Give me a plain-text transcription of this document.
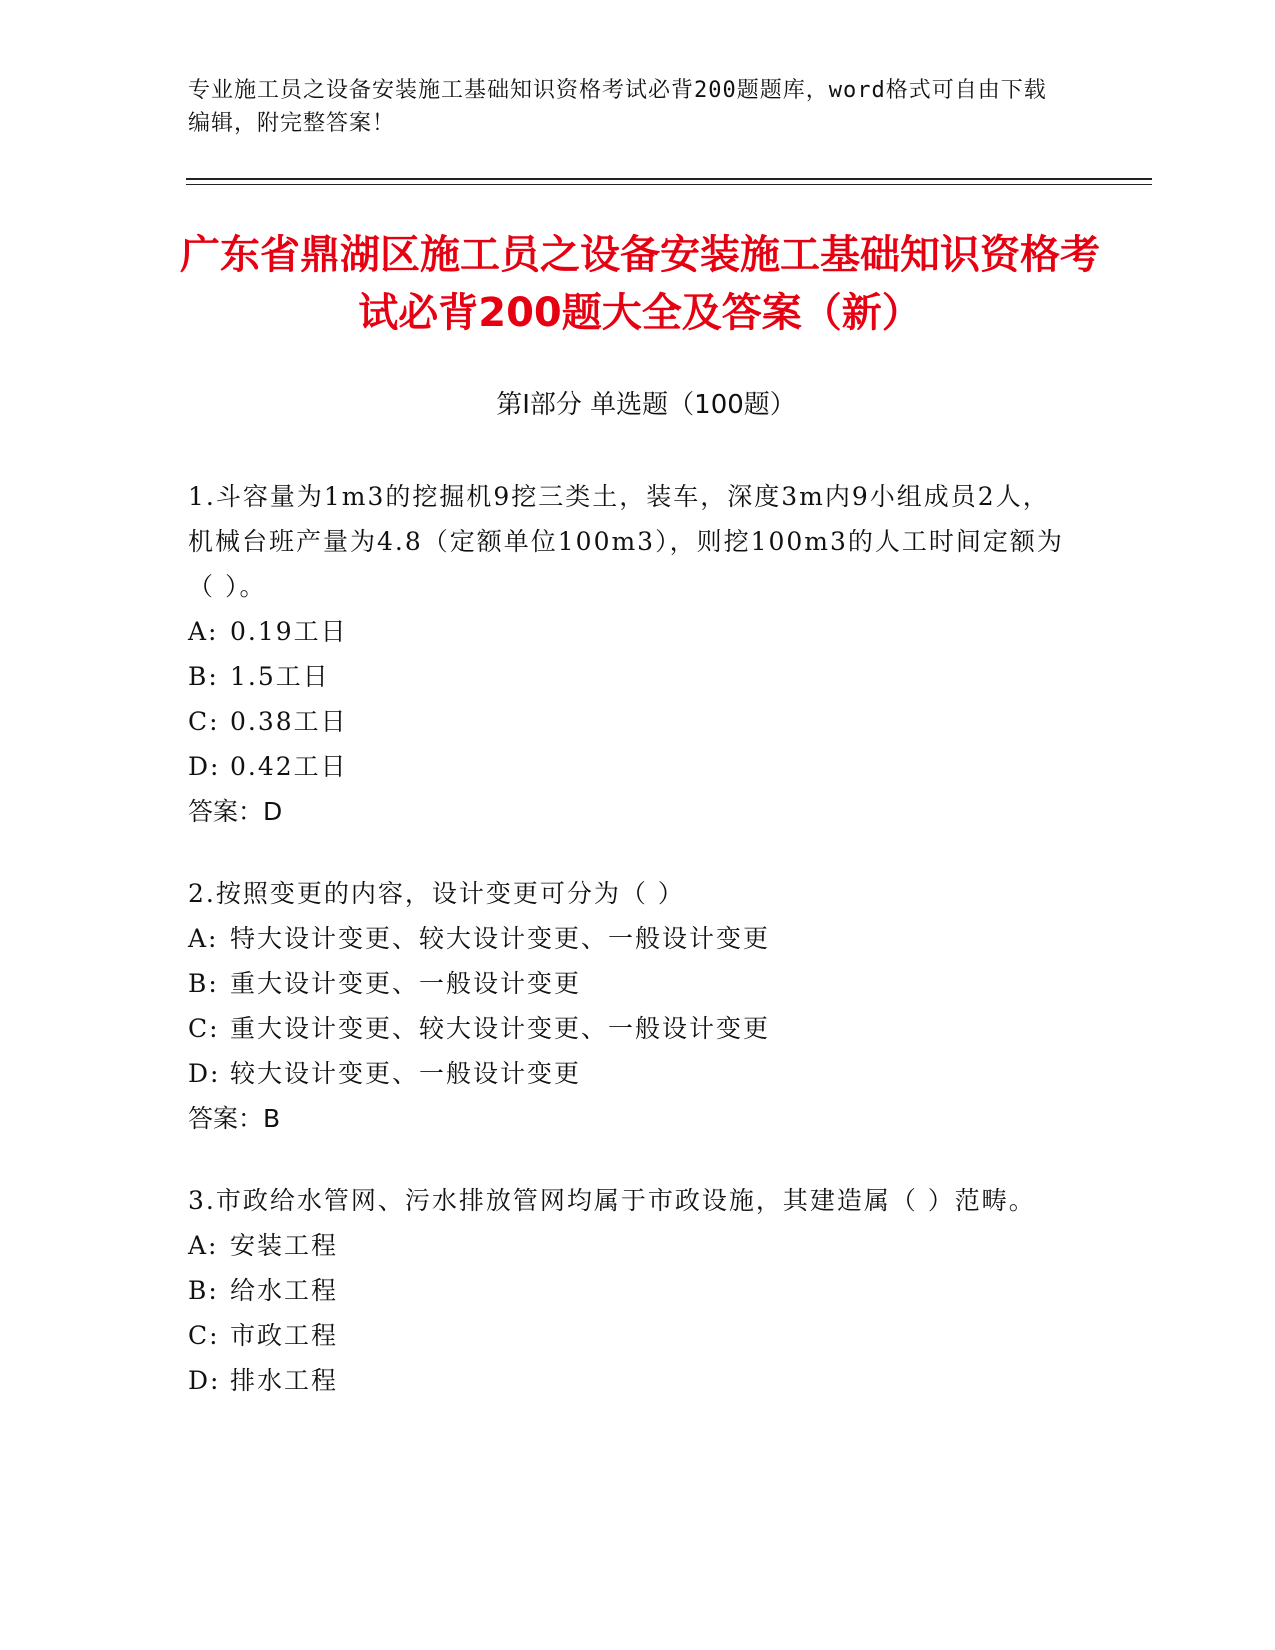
专业施工员之设备安装施工基础知识资格考试必背200题题库，word格式可自由下载编辑，附完整答案！
广东省鼎湖区施工员之设备安装施工基础知识资格考试必背200题大全及答案（新）
第Ⅰ部分 单选题（100题）
1.斗容量为1m3的挖掘机9挖三类土，装车，深度3m内9小组成员2人，机械台班产量为4.8（定额单位100m3），则挖100m3的人工时间定额为（ ）。
A: 0.19工日
B: 1.5工日
C: 0.38工日
D: 0.42工日
答案：D
2.按照变更的内容，设计变更可分为（ ）
A: 特大设计变更、较大设计变更、一般设计变更
B: 重大设计变更、一般设计变更
C: 重大设计变更、较大设计变更、一般设计变更
D: 较大设计变更、一般设计变更
答案：B
3.市政给水管网、污水排放管网均属于市政设施，其建造属（ ）范畴。
A: 安装工程
B: 给水工程
C: 市政工程
D: 排水工程
